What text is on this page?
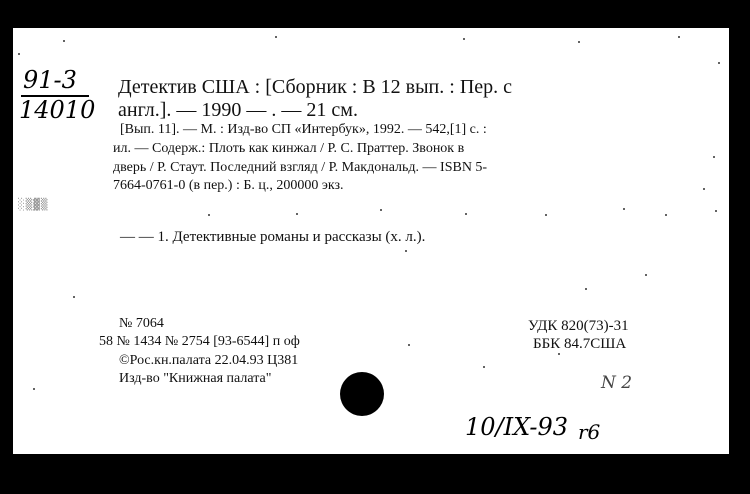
91-3
14010
Детектив США : [Сборник : В 12 вып. : Пер. с
англ.]. — 1990 — . — 21 см.
[Вып. 11]. — М. : Изд-во СП «Интербук», 1992. — 542,[1] с. :
ил. — Содерж.: Плоть как кинжал / Р. С. Праттер. Звонок в
дверь / Р. Стаут. Последний взгляд / Р. Макдональд. — ISBN 5-
7664-0761-0 (в пер.) : Б. ц., 200000 экз.
░▒▓▒
— — 1. Детективные романы и рассказы (х. л.).
№ 7064
58 № 1434 № 2754 [93-6544] п оф
©Рос.кн.палата 22.04.93 Ц381
Изд-во "Книжная палата"
УДК 820(73)-31
ББК 84.7США
N 2
10/IX-93 r6
